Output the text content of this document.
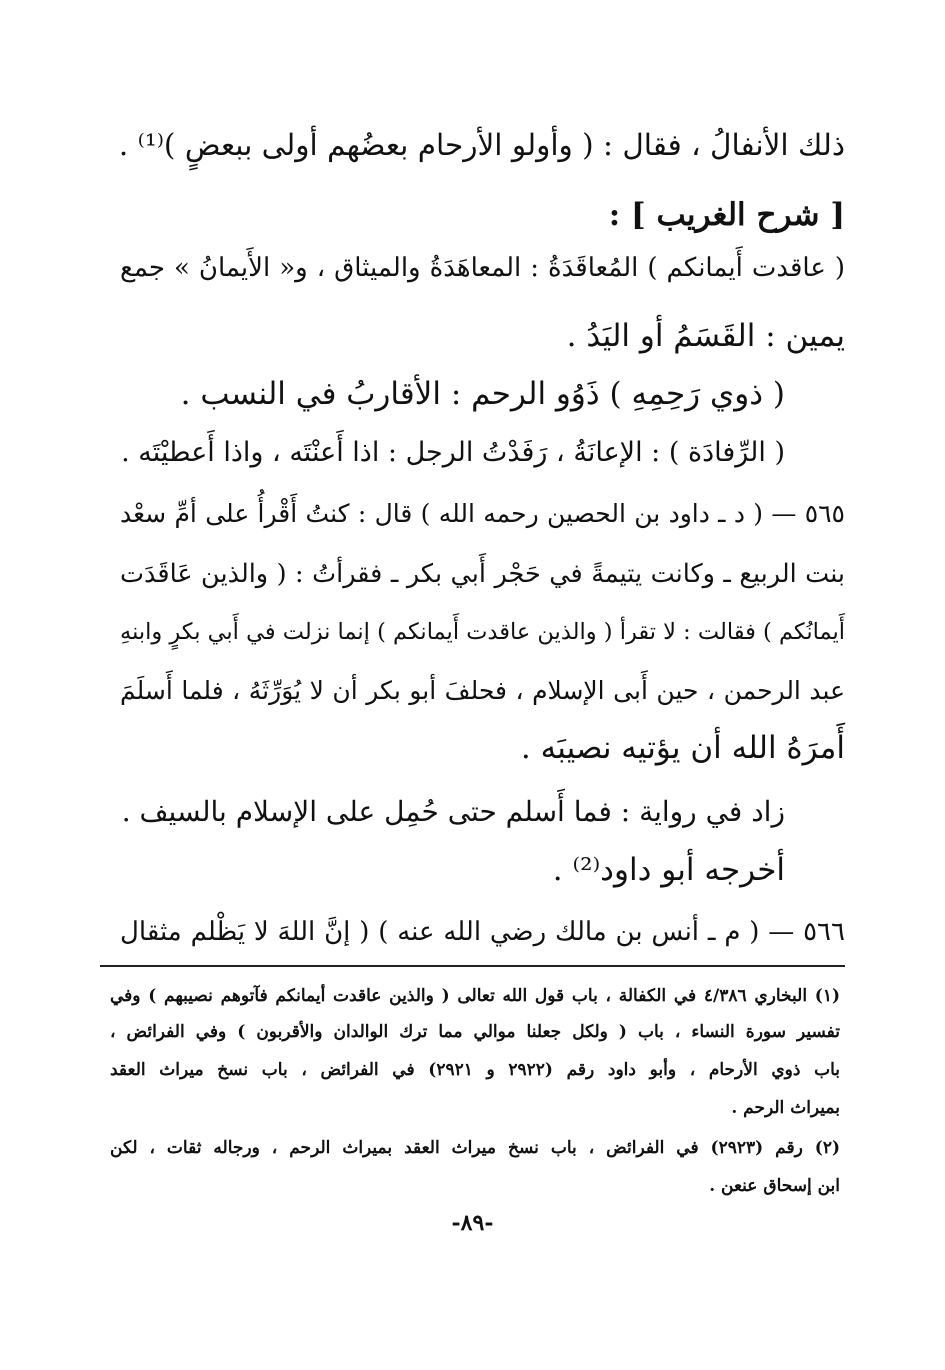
ذلك الأنفالُ ، فقال : ( وأولو الأرحام بعضُهم أولى ببعضٍ )⁽¹⁾ .
[ شرح الغريب ] :
( عاقدت أَيمانكم ) المُعاقَدَةُ : المعاهَدَةُ والميثاق ، و« الأَيمانُ » جمع
يمين : القَسَمُ أو اليَدُ .
( ذوي رَحِمِهِ ) ذَوُو الرحم : الأقاربُ في النسب .
( الرِّفادَة ) : الإعانَةُ ، رَفَدْتُ الرجل : اذا أَعنْتَه ، واذا أَعطيْتَه .
٥٦٥ — ( د ـ داود بن الحصين رحمه الله ) قال : كنتُ أَقْرأُ على أمِّ سعْد
بنت الربيع ـ وكانت يتيمةً في حَجْر أَبي بكر ـ فقرأتُ : ( والذين عَاقَدَت
أَيمانُكم ) فقالت : لا تقرأ ( والذين عاقدت أَيمانكم ) إنما نزلت في أَبي بكرٍ وابنهِ
عبد الرحمن ، حين أَبى الإسلام ، فحلفَ أبو بكر أن لا يُوَرِّثَهُ ، فلما أَسلَمَ
أَمرَهُ الله أن يؤتيه نصيبَه .
زاد في رواية : فما أَسلم حتى حُمِل على الإسلام بالسيف .
أخرجه أبو داود⁽²⁾ .
٥٦٦ — ( م ـ أنس بن مالك رضي الله عنه ) ( إنَّ اللهَ لا يَظْلم مثقال
(١) البخاري ٤/٣٨٦ في الكفالة ، باب قول الله تعالى ( والذين عاقدت أيمانكم فآتوهم نصيبهم ) وفي
تفسير سورة النساء ، باب ( ولكل جعلنا موالي مما ترك الوالدان والأقربون ) وفي الفرائض ،
باب ذوي الأرحام ، وأبو داود رقم (٢٩٢٢ و ٢٩٢١) في الفرائض ، باب نسخ ميراث العقد
بميراث الرحم .
(٢) رقم (٢٩٢٣) في الفرائض ، باب نسخ ميراث العقد بميراث الرحم ، ورجاله ثقات ، لكن
ابن إسحاق عنعن .
-٨٩-
